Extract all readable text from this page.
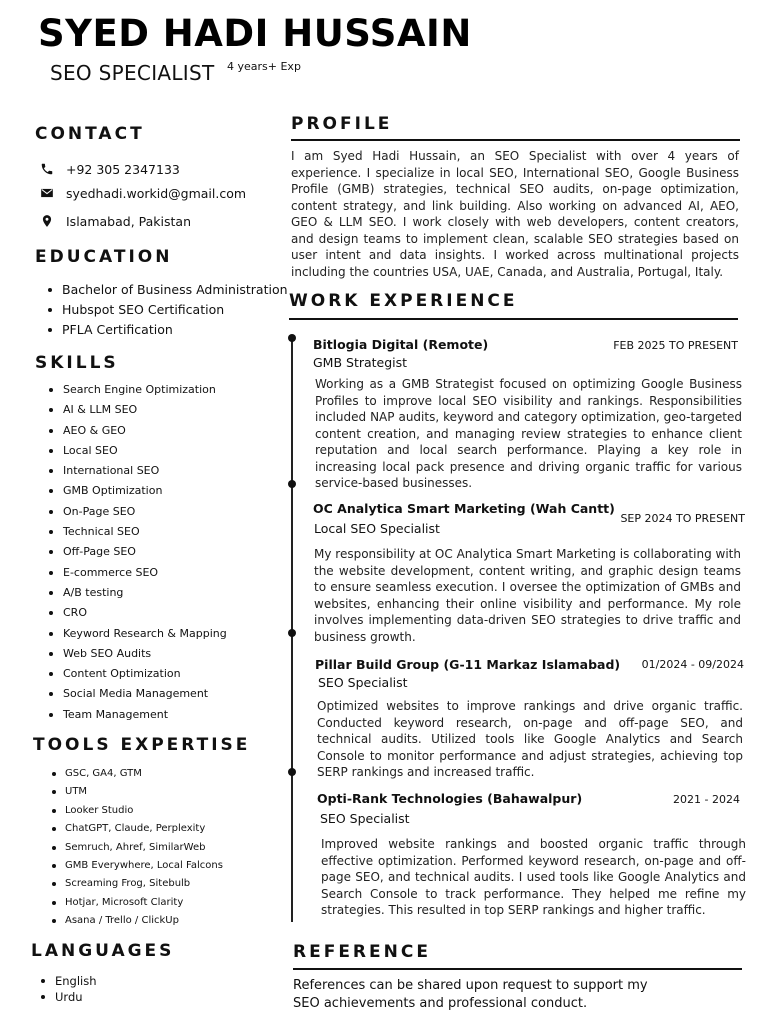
SYED HADI HUSSAIN
SEO SPECIALIST 4 years+ Exp
CONTACT
+92 305 2347133
syedhadi.workid@gmail.com
Islamabad, Pakistan
EDUCATION
Bachelor of Business Administration
Hubspot SEO Certification
PFLA Certification
SKILLS
Search Engine Optimization
AI & LLM SEO
AEO & GEO
Local SEO
International SEO
GMB Optimization
On-Page SEO
Technical SEO
Off-Page SEO
E-commerce SEO
A/B testing
CRO
Keyword Research & Mapping
Web SEO Audits
Content Optimization
Social Media Management
Team Management
TOOLS EXPERTISE
GSC, GA4, GTM
UTM
Looker Studio
ChatGPT, Claude, Perplexity
Semruch, Ahref, SimilarWeb
GMB Everywhere, Local Falcons
Screaming Frog, Sitebulb
Hotjar, Microsoft Clarity
Asana / Trello / ClickUp
LANGUAGES
English
Urdu
PROFILE

I am Syed Hadi Hussain, an SEO Specialist with over 4 years of experience. I specialize in local SEO, International SEO, Google Business Profile (GMB) strategies, technical SEO audits, on-page optimization, content strategy, and link building. Also working on advanced AI, AEO, GEO & LLM SEO. I work closely with web developers, content creators, and design teams to implement clean, scalable SEO strategies based on user intent and data insights. I worked across multinational projects including the countries USA, UAE, Canada, and Australia, Portugal, Italy.

WORK EXPERIENCE
Bitlogia Digital (Remote)	FEB 2025 TO PRESENT
GMB Strategist

Working as a GMB Strategist focused on optimizing Google Business Profiles to improve local SEO visibility and rankings. Responsibilities included NAP audits, keyword and category optimization, geo-targeted content creation, and managing review strategies to enhance client reputation and local search performance. Playing a key role in increasing local pack presence and driving organic traffic for various service-based businesses.

OC Analytica Smart Marketing (Wah Cantt)
SEP 2024 TO PRESENT
Local SEO Specialist

My responsibility at OC Analytica Smart Marketing is collaborating with the website development, content writing, and graphic design teams to ensure seamless execution. I oversee the optimization of GMBs and websites, enhancing their online visibility and performance. My role involves implementing data-driven SEO strategies to drive traffic and business growth.

Pillar Build Group (G-11 Markaz Islamabad) 01/2024 - 09/2024
SEO Specialist

Optimized websites to improve rankings and drive organic traffic. Conducted keyword research, on-page and off-page SEO, and technical audits. Utilized tools like Google Analytics and Search Console to monitor performance and adjust strategies, achieving top SERP rankings and increased traffic.

Opti-Rank Technologies (Bahawalpur)	2021 - 2024
SEO Specialist

Improved website rankings and boosted organic traffic through effective optimization. Performed keyword research, on-page and off-page SEO, and technical audits. I used tools like Google Analytics and Search Console to track performance. They helped me refine my strategies. This resulted in top SERP rankings and higher traffic.

REFERENCE
References can be shared upon request to support my
SEO achievements and professional conduct.
